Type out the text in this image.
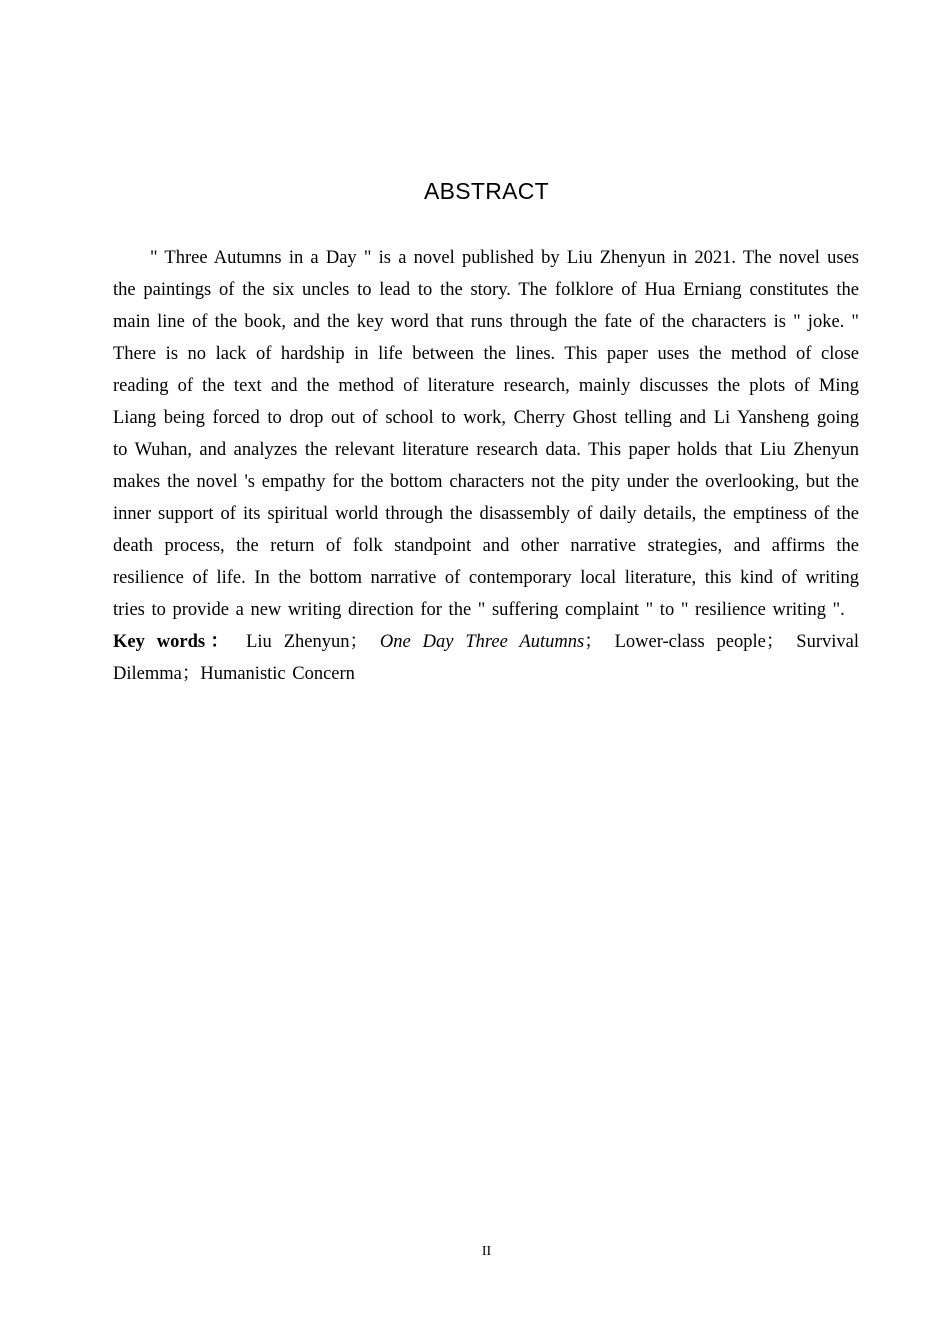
ABSTRACT

" Three Autumns in a Day " is a novel published by Liu Zhenyun in 2021. The novel uses the paintings of the six uncles to lead to the story. The folklore of Hua Erniang constitutes the main line of the book, and the key word that runs through the fate of the characters is " joke. " There is no lack of hardship in life between the lines. This paper uses the method of close reading of the text and the method of literature research, mainly discusses the plots of Ming Liang being forced to drop out of school to work, Cherry Ghost telling and Li Yansheng going to Wuhan, and analyzes the relevant literature research data. This paper holds that Liu Zhenyun makes the novel 's empathy for the bottom characters not the pity under the overlooking, but the inner support of its spiritual world through the disassembly of daily details, the emptiness of the death process, the return of folk standpoint and other narrative strategies, and affirms the resilience of life. In the bottom narrative of contemporary local literature, this kind of writing tries to provide a new writing direction for the " suffering complaint " to " resilience writing ".

Key words： Liu Zhenyun； One Day Three Autumns； Lower-class people； Survival Dilemma；Humanistic Concern

II
